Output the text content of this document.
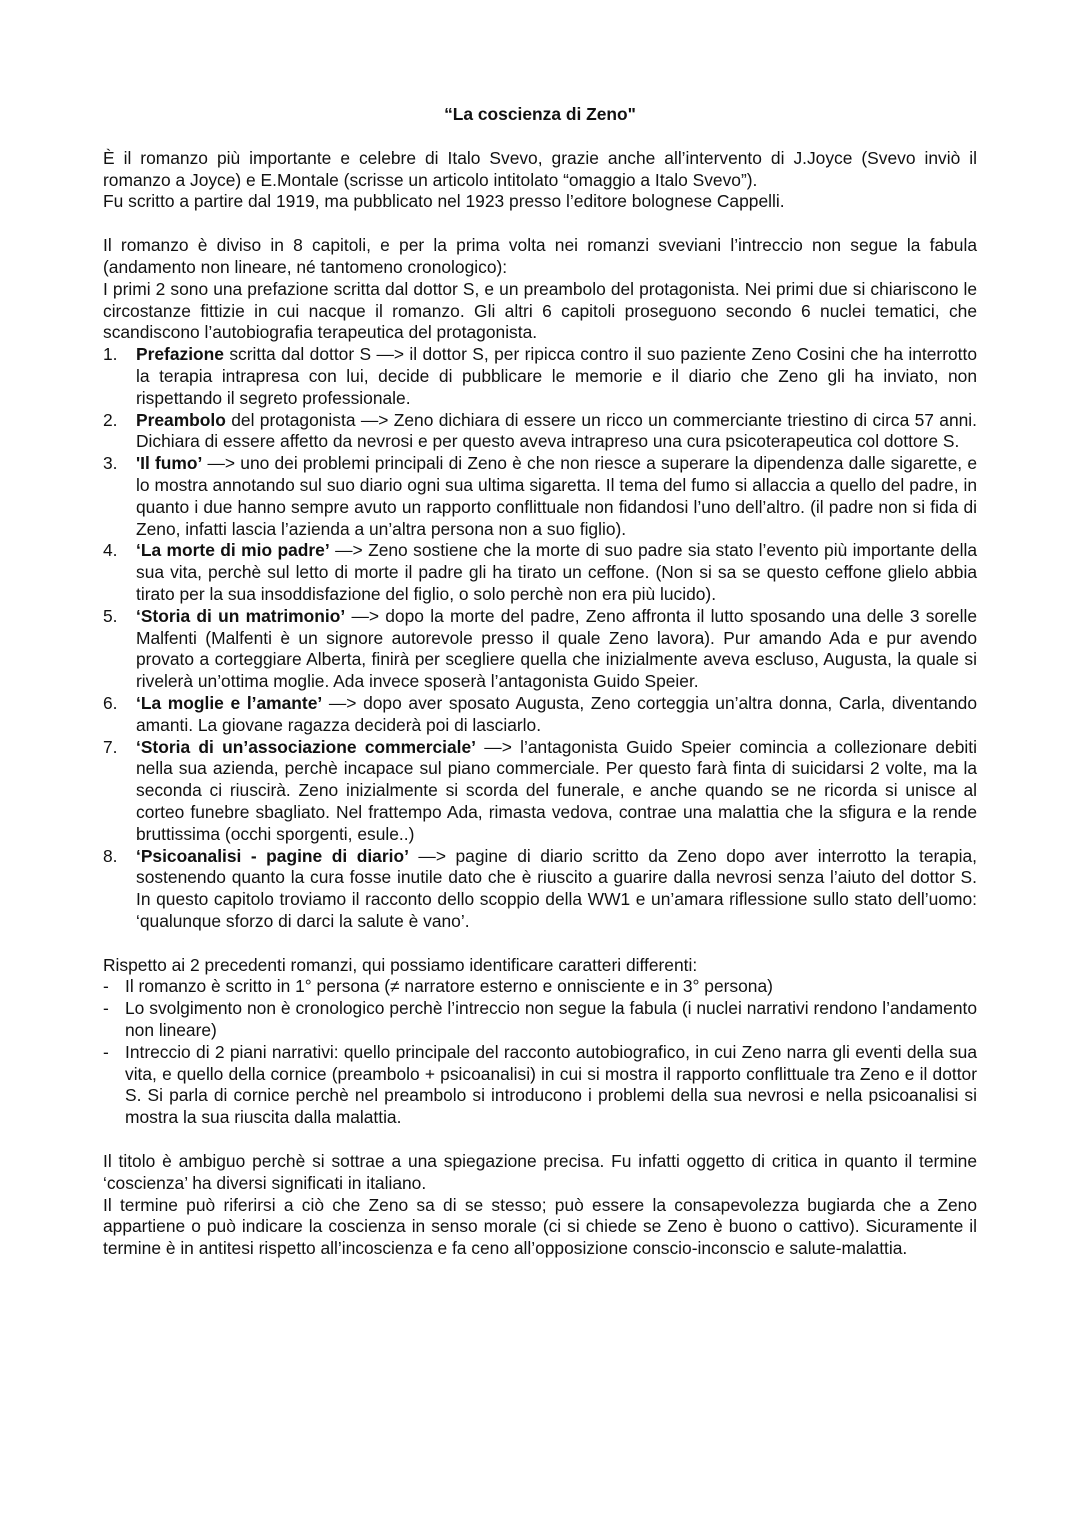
“La coscienza di Zeno"

È il romanzo più importante e celebre di Italo Svevo, grazie anche all’intervento di J.Joyce (Svevo inviò il romanzo a Joyce) e E.Montale (scrisse un articolo intitolato “omaggio a Italo Svevo”).

Fu scritto a partire dal 1919, ma pubblicato nel 1923 presso l’editore bolognese Cappelli.

Il romanzo è diviso in 8 capitoli, e per la prima volta nei romanzi sveviani l’intreccio non segue la fabula (andamento non lineare, né tantomeno cronologico):

I primi 2 sono una prefazione scritta dal dottor S, e un preambolo del protagonista. Nei primi due si chiariscono le circostanze fittizie in cui nacque il romanzo. Gli altri 6 capitoli proseguono secondo 6 nuclei tematici, che scandiscono l’autobiografia terapeutica del protagonista.

1. Prefazione scritta dal dottor S —> il dottor S, per ripicca contro il suo paziente Zeno Cosini che ha interrotto la terapia intrapresa con lui, decide di pubblicare le memorie e il diario che Zeno gli ha inviato, non rispettando il segreto professionale.
2. Preambolo del protagonista —> Zeno dichiara di essere un ricco un commerciante triestino di circa 57 anni. Dichiara di essere affetto da nevrosi e per questo aveva intrapreso una cura psicoterapeutica col dottore S.
3. 'Il fumo’ —> uno dei problemi principali di Zeno è che non riesce a superare la dipendenza dalle sigarette, e lo mostra annotando sul suo diario ogni sua ultima sigaretta. Il tema del fumo si allaccia a quello del padre, in quanto i due hanno sempre avuto un rapporto conflittuale non fidandosi l’uno dell’altro. (il padre non si fida di Zeno, infatti lascia l’azienda a un’altra persona non a suo figlio).
4. ‘La morte di mio padre’ —> Zeno sostiene che la morte di suo padre sia stato l’evento più importante della sua vita, perchè sul letto di morte il padre gli ha tirato un ceffone. (Non si sa se questo ceffone glielo abbia tirato per la sua insoddisfazione del figlio, o solo perchè non era più lucido).
5. ‘Storia di un matrimonio’ —> dopo la morte del padre, Zeno affronta il lutto sposando una delle 3 sorelle Malfenti (Malfenti è un signore autorevole presso il quale Zeno lavora). Pur amando Ada e pur avendo provato a corteggiare Alberta, finirà per scegliere quella che inizialmente aveva escluso, Augusta, la quale si rivelerà un’ottima moglie. Ada invece sposerà l’antagonista Guido Speier.
6. ‘La moglie e l’amante’ —> dopo aver sposato Augusta, Zeno corteggia un’altra donna, Carla, diventando amanti. La giovane ragazza deciderà poi di lasciarlo.
7. ‘Storia di un’associazione commerciale’ —> l’antagonista Guido Speier comincia a collezionare debiti nella sua azienda, perchè incapace sul piano commerciale. Per questo farà finta di suicidarsi 2 volte, ma la seconda ci riuscirà. Zeno inizialmente si scorda del funerale, e anche quando se ne ricorda si unisce al corteo funebre sbagliato. Nel frattempo Ada, rimasta vedova, contrae una malattia che la sfigura e la rende bruttissima (occhi sporgenti, esule..)
8. ‘Psicoanalisi - pagine di diario’ —> pagine di diario scritto da Zeno dopo aver interrotto la terapia, sostenendo quanto la cura fosse inutile dato che è riuscito a guarire dalla nevrosi senza l’aiuto del dottor S. In questo capitolo troviamo il racconto dello scoppio della WW1 e un’amara riflessione sullo stato dell’uomo: ‘qualunque sforzo di darci la salute è vano’.

Rispetto ai 2 precedenti romanzi, qui possiamo identificare caratteri differenti:

- Il romanzo è scritto in 1° persona (≠ narratore esterno e onnisciente e in 3° persona)
- Lo svolgimento non è cronologico perchè l’intreccio non segue la fabula (i nuclei narrativi rendono l’andamento non lineare)
- Intreccio di 2 piani narrativi: quello principale del racconto autobiografico, in cui Zeno narra gli eventi della sua vita, e quello della cornice (preambolo + psicoanalisi) in cui si mostra il rapporto conflittuale tra Zeno e il dottor S. Si parla di cornice perchè nel preambolo si introducono i problemi della sua nevrosi e nella psicoanalisi si mostra la sua riuscita dalla malattia.

Il titolo è ambiguo perchè si sottrae a una spiegazione precisa. Fu infatti oggetto di critica in quanto il termine ‘coscienza’ ha diversi significati in italiano.

Il termine può riferirsi a ciò che Zeno sa di se stesso; può essere la consapevolezza bugiarda che a Zeno appartiene o può indicare la coscienza in senso morale (ci si chiede se Zeno è buono o cattivo). Sicuramente il termine è in antitesi rispetto all’incoscienza e fa ceno all’opposizione conscio-inconscio e salute-malattia.
